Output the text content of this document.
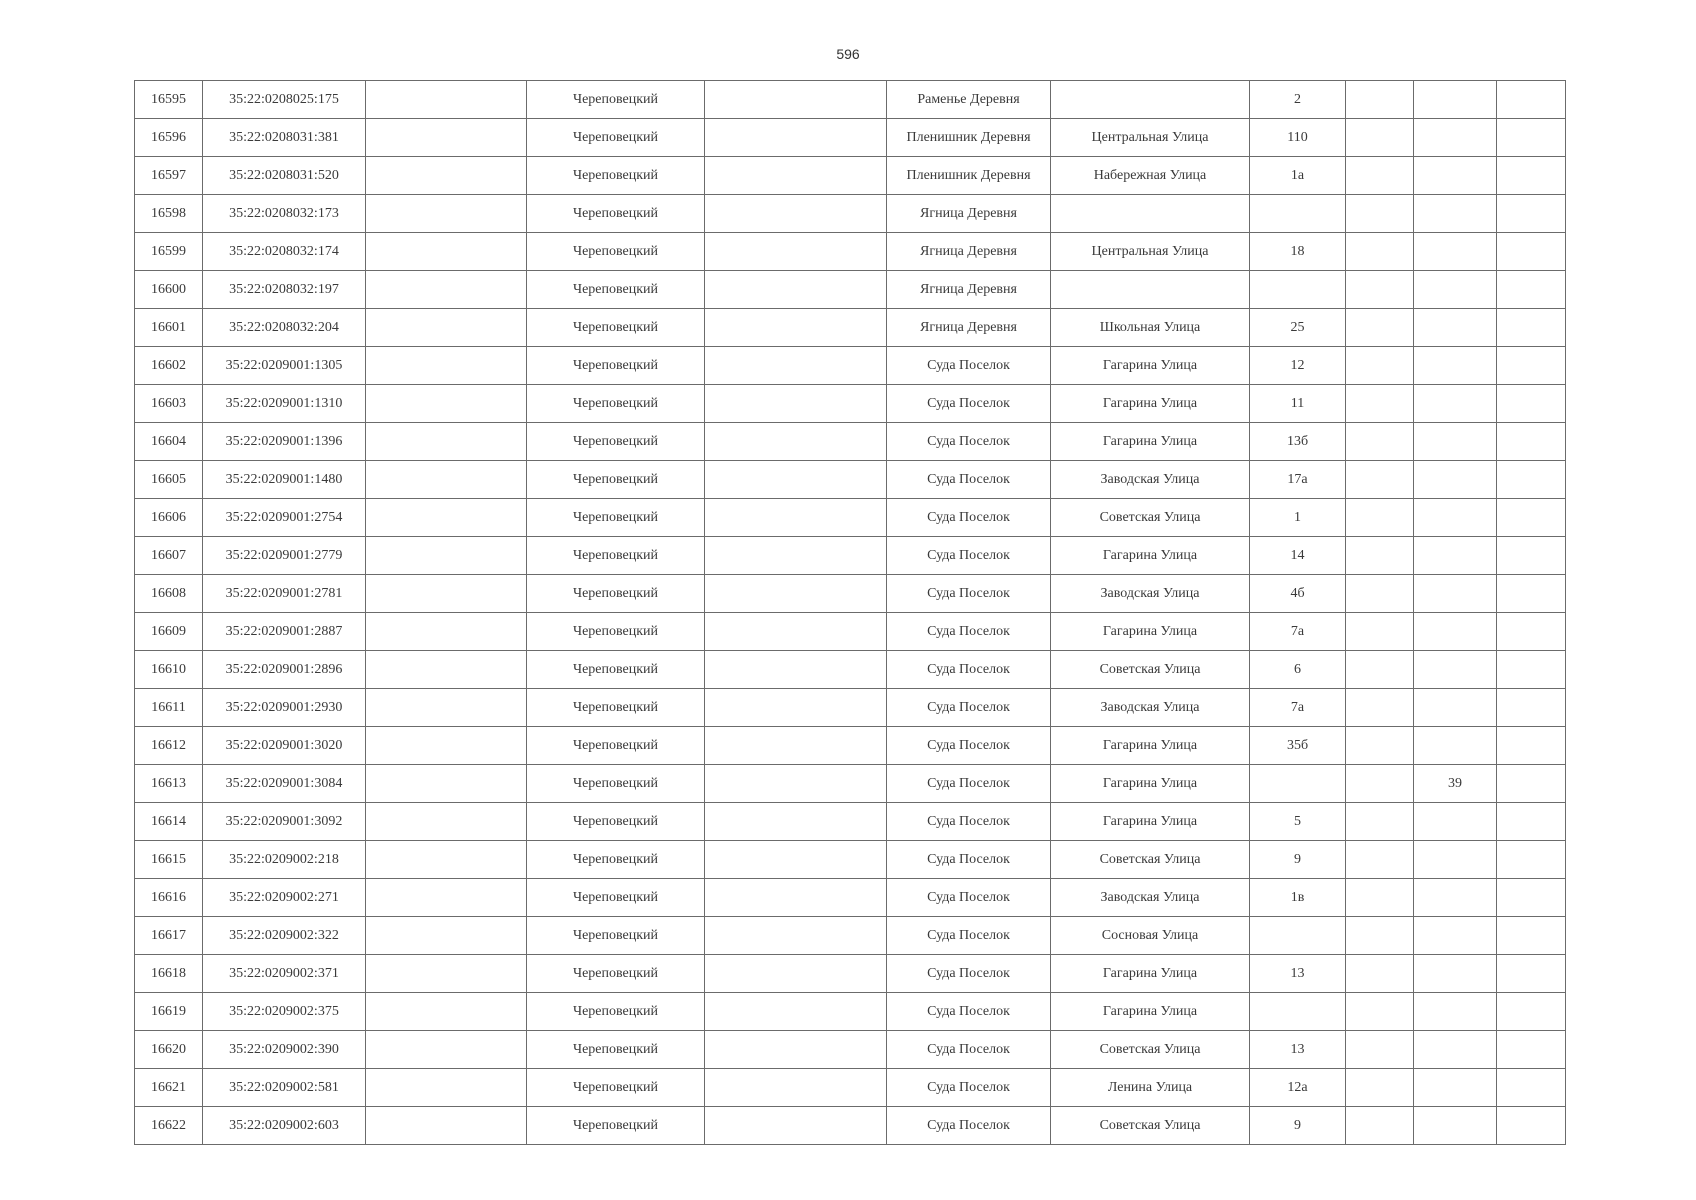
596
16595	35:22:0208025:175		Череповецкий		Раменье Деревня		2			
16596	35:22:0208031:381		Череповецкий		Пленишник Деревня	Центральная Улица	110			
16597	35:22:0208031:520		Череповецкий		Пленишник Деревня	Набережная Улица	1а			
16598	35:22:0208032:173		Череповецкий		Ягница Деревня					
16599	35:22:0208032:174		Череповецкий		Ягница Деревня	Центральная Улица	18			
16600	35:22:0208032:197		Череповецкий		Ягница Деревня					
16601	35:22:0208032:204		Череповецкий		Ягница Деревня	Школьная Улица	25			
16602	35:22:0209001:1305		Череповецкий		Суда Поселок	Гагарина Улица	12			
16603	35:22:0209001:1310		Череповецкий		Суда Поселок	Гагарина Улица	11			
16604	35:22:0209001:1396		Череповецкий		Суда Поселок	Гагарина Улица	13б			
16605	35:22:0209001:1480		Череповецкий		Суда Поселок	Заводская Улица	17а			
16606	35:22:0209001:2754		Череповецкий		Суда Поселок	Советская Улица	1			
16607	35:22:0209001:2779		Череповецкий		Суда Поселок	Гагарина Улица	14			
16608	35:22:0209001:2781		Череповецкий		Суда Поселок	Заводская Улица	4б			
16609	35:22:0209001:2887		Череповецкий		Суда Поселок	Гагарина Улица	7а			
16610	35:22:0209001:2896		Череповецкий		Суда Поселок	Советская Улица	6			
16611	35:22:0209001:2930		Череповецкий		Суда Поселок	Заводская Улица	7а			
16612	35:22:0209001:3020		Череповецкий		Суда Поселок	Гагарина Улица	35б			
16613	35:22:0209001:3084		Череповецкий		Суда Поселок	Гагарина Улица			39	
16614	35:22:0209001:3092		Череповецкий		Суда Поселок	Гагарина Улица	5			
16615	35:22:0209002:218		Череповецкий		Суда Поселок	Советская Улица	9			
16616	35:22:0209002:271		Череповецкий		Суда Поселок	Заводская Улица	1в			
16617	35:22:0209002:322		Череповецкий		Суда Поселок	Сосновая Улица				
16618	35:22:0209002:371		Череповецкий		Суда Поселок	Гагарина Улица	13			
16619	35:22:0209002:375		Череповецкий		Суда Поселок	Гагарина Улица				
16620	35:22:0209002:390		Череповецкий		Суда Поселок	Советская Улица	13			
16621	35:22:0209002:581		Череповецкий		Суда Поселок	Ленина Улица	12а			
16622	35:22:0209002:603		Череповецкий		Суда Поселок	Советская Улица	9			
